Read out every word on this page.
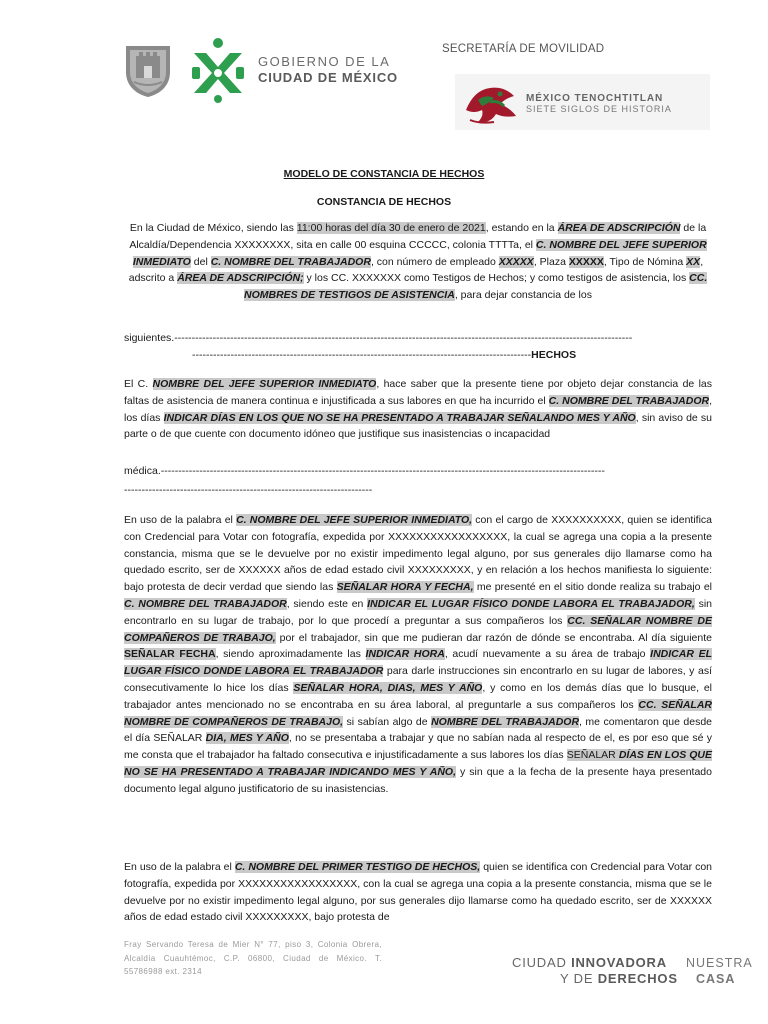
GOBIERNO DE LA
CIUDAD DE MÉXICO
SECRETARÍA DE MOVILIDAD
MÉXICO TENOCHTITLAN
SIETE SIGLOS DE HISTORIA
MODELO DE CONSTANCIA DE HECHOS
CONSTANCIA DE HECHOS
En la Ciudad de México, siendo las 11:00 horas del día 30 de enero de 2021, estando en la ÁREA DE ADSCRIPCIÓN de la Alcaldía/Dependencia XXXXXXXX, sita en calle 00 esquina CCCCC, colonia TTTTa, el C. NOMBRE DEL JEFE SUPERIOR INMEDIATO del C. NOMBRE DEL TRABAJADOR, con número de empleado XXXXX, Plaza XXXXX, Tipo de Nómina XX, adscrito a ÁREA DE ADSCRIPCIÓN; y los CC. XXXXXXX como Testigos de Hechos; y como testigos de asistencia, los CC. NOMBRES DE TESTIGOS DE ASISTENCIA, para dejar constancia de los
siguientes.-----------------------------------------------------------------------------------------------------------------------------------
-------------------------------------------------------------------------------------------------HECHOS
El C. NOMBRE DEL JEFE SUPERIOR INMEDIATO, hace saber que la presente tiene por objeto dejar constancia de las faltas de asistencia de manera continua e injustificada a sus labores en que ha incurrido el C. NOMBRE DEL TRABAJADOR, los días INDICAR DÍAS EN LOS QUE NO SE HA PRESENTADO A TRABAJAR SEÑALANDO MES Y AÑO, sin aviso de su parte o de que cuente con documento idóneo que justifique sus inasistencias o incapacidad
médica.-------------------------------------------------------------------------------------------------------------------------------
-----------------------------------------------------------------------
En uso de la palabra el C. NOMBRE DEL JEFE SUPERIOR INMEDIATO, con el cargo de XXXXXXXXXX, quien se identifica con Credencial para Votar con fotografía, expedida por XXXXXXXXXXXXXXXXX, la cual se agrega una copia a la presente constancia, misma que se le devuelve por no existir impedimento legal alguno, por sus generales dijo llamarse como ha quedado escrito, ser de XXXXXX años de edad estado civil XXXXXXXXX, y en relación a los hechos manifiesta lo siguiente: bajo protesta de decir verdad que siendo las SEÑALAR HORA Y FECHA, me presenté en el sitio donde realiza su trabajo el C. NOMBRE DEL TRABAJADOR, siendo este en INDICAR EL LUGAR FÍSICO DONDE LABORA EL TRABAJADOR, sin encontrarlo en su lugar de trabajo, por lo que procedí a preguntar a sus compañeros los CC. SEÑALAR NOMBRE DE COMPAÑEROS DE TRABAJO, por el trabajador, sin que me pudieran dar razón de dónde se encontraba. Al día siguiente SEÑALAR FECHA, siendo aproximadamente las INDICAR HORA, acudí nuevamente a su área de trabajo INDICAR EL LUGAR FÍSICO DONDE LABORA EL TRABAJADOR para darle instrucciones sin encontrarlo en su lugar de labores, y así consecutivamente lo hice los días SEÑALAR HORA, DIAS, MES Y AÑO, y como en los demás días que lo busque, el trabajador antes mencionado no se encontraba en su área laboral, al preguntarle a sus compañeros los CC. SEÑALAR NOMBRE DE COMPAÑEROS DE TRABAJO, si sabían algo de NOMBRE DEL TRABAJADOR, me comentaron que desde el día SEÑALAR DIA, MES Y AÑO, no se presentaba a trabajar y que no sabían nada al respecto de el, es por eso que sé y me consta que el trabajador ha faltado consecutiva e injustificadamente a sus labores los días SEÑALAR DÍAS EN LOS QUE NO SE HA PRESENTADO A TRABAJAR INDICANDO MES Y AÑO, y sin que a la fecha de la presente haya presentado documento legal alguno justificatorio de su inasistencias.
En uso de la palabra el C. NOMBRE DEL PRIMER TESTIGO DE HECHOS, quien se identifica con Credencial para Votar con fotografía, expedida por XXXXXXXXXXXXXXXXX, con la cual se agrega una copia a la presente constancia, misma que se le devuelve por no existir impedimento legal alguno, por sus generales dijo llamarse como ha quedado escrito, ser de XXXXXX años de edad estado civil XXXXXXXXX, bajo protesta de
Fray Servando Teresa de Mier N° 77, piso 3, Colonia Obrera, Alcaldía Cuauhtémoc, C.P. 06800, Ciudad de México. T. 55786988 ext. 2314
CIUDAD INNOVADORA
Y DE DERECHOS
NUESTRA
CASA
